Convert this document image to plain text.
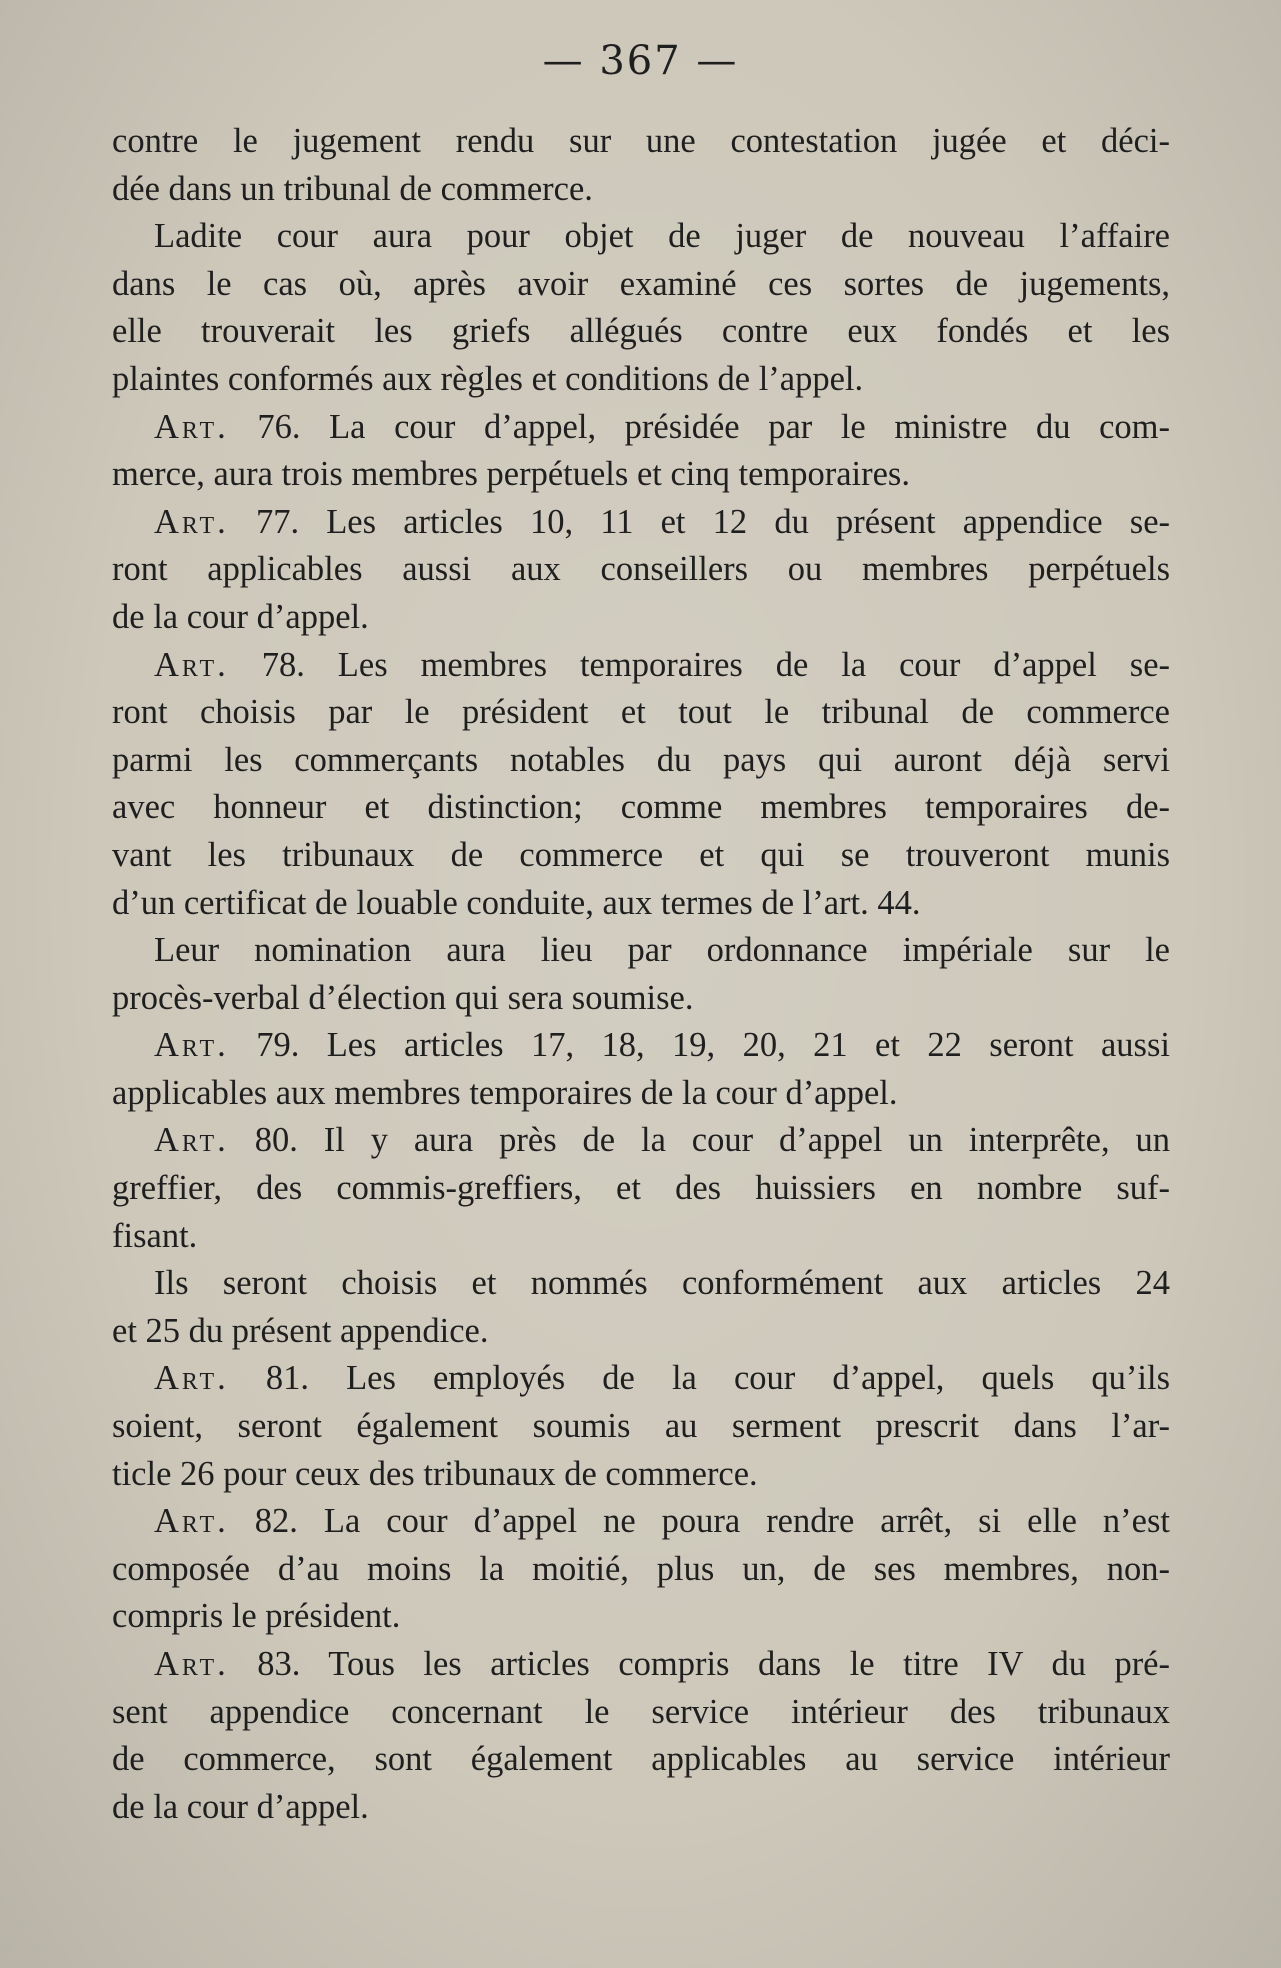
— 367 —
contre le jugement rendu sur une contestation jugée et déci-
dée dans un tribunal de commerce.
Ladite cour aura pour objet de juger de nouveau l’affaire
dans le cas où, après avoir examiné ces sortes de jugements,
elle trouverait les griefs allégués contre eux fondés et les
plaintes conformés aux règles et conditions de l’appel.
Art. 76. La cour d’appel, présidée par le ministre du com-
merce, aura trois membres perpétuels et cinq temporaires.
Art. 77. Les articles 10, 11 et 12 du présent appendice se-
ront applicables aussi aux conseillers ou membres perpétuels
de la cour d’appel.
Art. 78. Les membres temporaires de la cour d’appel se-
ront choisis par le président et tout le tribunal de commerce
parmi les commerçants notables du pays qui auront déjà servi
avec honneur et distinction; comme membres temporaires de-
vant les tribunaux de commerce et qui se trouveront munis
d’un certificat de louable conduite, aux termes de l’art. 44.
Leur nomination aura lieu par ordonnance impériale sur le
procès-verbal d’élection qui sera soumise.
Art. 79. Les articles 17, 18, 19, 20, 21 et 22 seront aussi
applicables aux membres temporaires de la cour d’appel.
Art. 80. Il y aura près de la cour d’appel un interprête, un
greffier, des commis-greffiers, et des huissiers en nombre suf-
fisant.
Ils seront choisis et nommés conformément aux articles 24
et 25 du présent appendice.
Art. 81. Les employés de la cour d’appel, quels qu’ils
soient, seront également soumis au serment prescrit dans l’ar-
ticle 26 pour ceux des tribunaux de commerce.
Art. 82. La cour d’appel ne poura rendre arrêt, si elle n’est
composée d’au moins la moitié, plus un, de ses membres, non-
compris le président.
Art. 83. Tous les articles compris dans le titre IV du pré-
sent appendice concernant le service intérieur des tribunaux
de commerce, sont également applicables au service intérieur
de la cour d’appel.
